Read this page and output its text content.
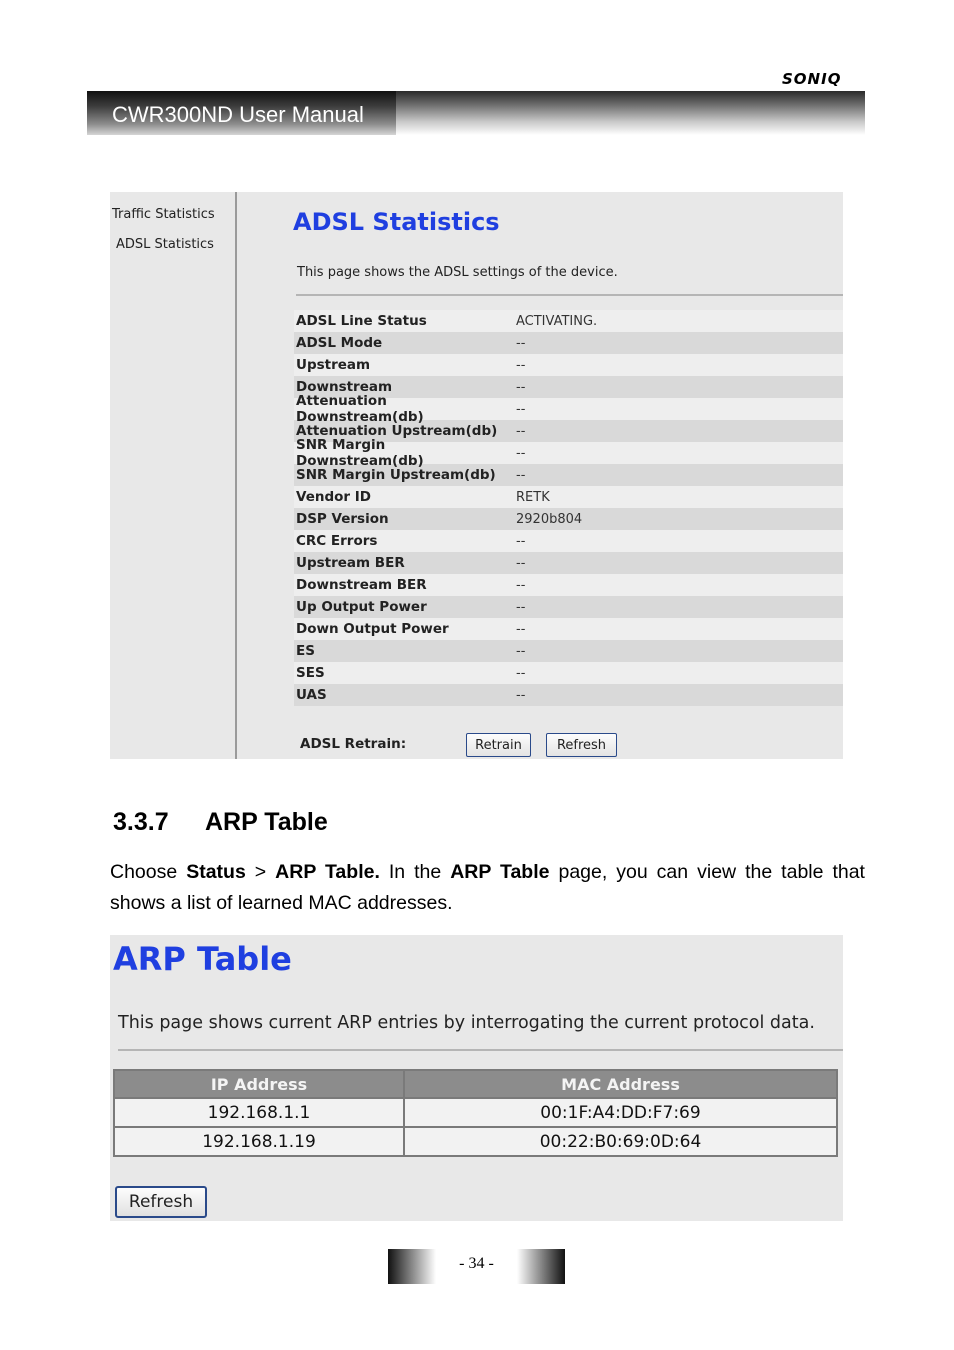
SONIQ
CWR300ND User Manual
Traffic Statistics
ADSL Statistics
ADSL Statistics
This page shows the ADSL settings of the device.
ADSL Line Status	ACTIVATING.
ADSL Mode	--
Upstream	--
Downstream	--
Attenuation Downstream(db)	--
Attenuation Upstream(db)	--
SNR Margin Downstream(db)	--
SNR Margin Upstream(db)	--
Vendor ID	RETK
DSP Version	2920b804
CRC Errors	--
Upstream BER	--
Downstream BER	--
Up Output Power	--
Down Output Power	--
ES	--
SES	--
UAS	--
ADSL Retrain:	Retrain	Refresh
3.3.7 ARP Table
Choose Status > ARP Table. In the ARP Table page, you can view the table that shows a list of learned MAC addresses.
ARP Table
This page shows current ARP entries by interrogating the current protocol data.
IP Address	MAC Address
192.168.1.1	00:1F:A4:DD:F7:69
192.168.1.19	00:22:B0:69:0D:64
Refresh
- 34 -
